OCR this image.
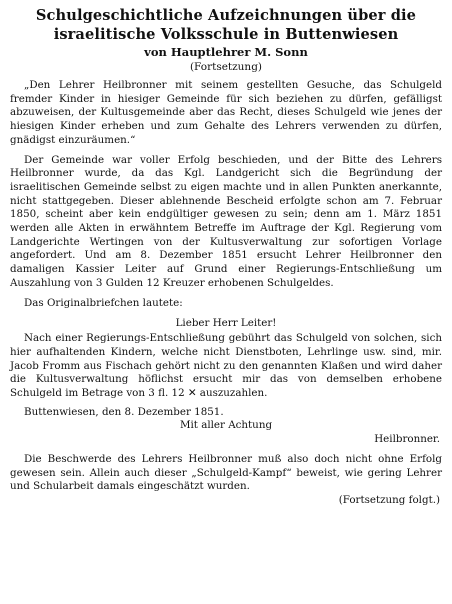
Schulgeschichtliche Aufzeichnungen über die israelitische Volksschule in Buttenwiesen
von Hauptlehrer M. Sonn
(Fortsetzung)

„Den Lehrer Heilbronner mit seinem gestellten Gesuche, das Schulgeld fremder Kinder in hiesiger Gemeinde für sich beziehen zu dürfen, gefälligst abzuweisen, der Kultusgemeinde aber das Recht, dieses Schulgeld wie jenes der hiesigen Kinder erheben und zum Gehalte des Lehrers verwenden zu dürfen, gnädigst einzuräumen.“

Der Gemeinde war voller Erfolg beschieden, und der Bitte des Lehrers Heilbronner wurde, da das Kgl. Landgericht sich die Begründung der israelitischen Gemeinde selbst zu eigen machte und in allen Punkten anerkannte, nicht stattgegeben. Dieser ablehnende Bescheid erfolgte schon am 7. Februar 1850, scheint aber kein endgültiger gewesen zu sein; denn am 1. März 1851 werden alle Akten in erwähntem Betreffe im Auftrage der Kgl. Regierung vom Landgerichte Wertingen von der Kultusverwaltung zur sofortigen Vorlage angefordert. Und am 8. Dezember 1851 ersucht Lehrer Heilbronner den damaligen Kassier Leiter auf Grund einer Regierungs-Entschließung um Auszahlung von 3 Gulden 12 Kreuzer erhobenen Schulgeldes.

Das Originalbriefchen lautete:

Lieber Herr Leiter!

Nach einer Regierungs-Entschließung gebührt das Schulgeld von solchen, sich hier aufhaltenden Kindern, welche nicht Dienstboten, Lehrlinge usw. sind, mir. Jacob Fromm aus Fischach gehört nicht zu den genannten Klaßen und wird daher die Kultusverwaltung höflichst ersucht mir das von demselben erhobene Schulgeld im Betrage von 3 fl. 12 ✕ auszuzahlen.

Buttenwiesen, den 8. Dezember 1851.

Mit aller Achtung

Heilbronner.

Die Beschwerde des Lehrers Heilbronner muß also doch nicht ohne Erfolg gewesen sein. Allein auch dieser „Schulgeld-Kampf“ beweist, wie gering Lehrer und Schularbeit damals eingeschätzt wurden.

(Fortsetzung folgt.)
